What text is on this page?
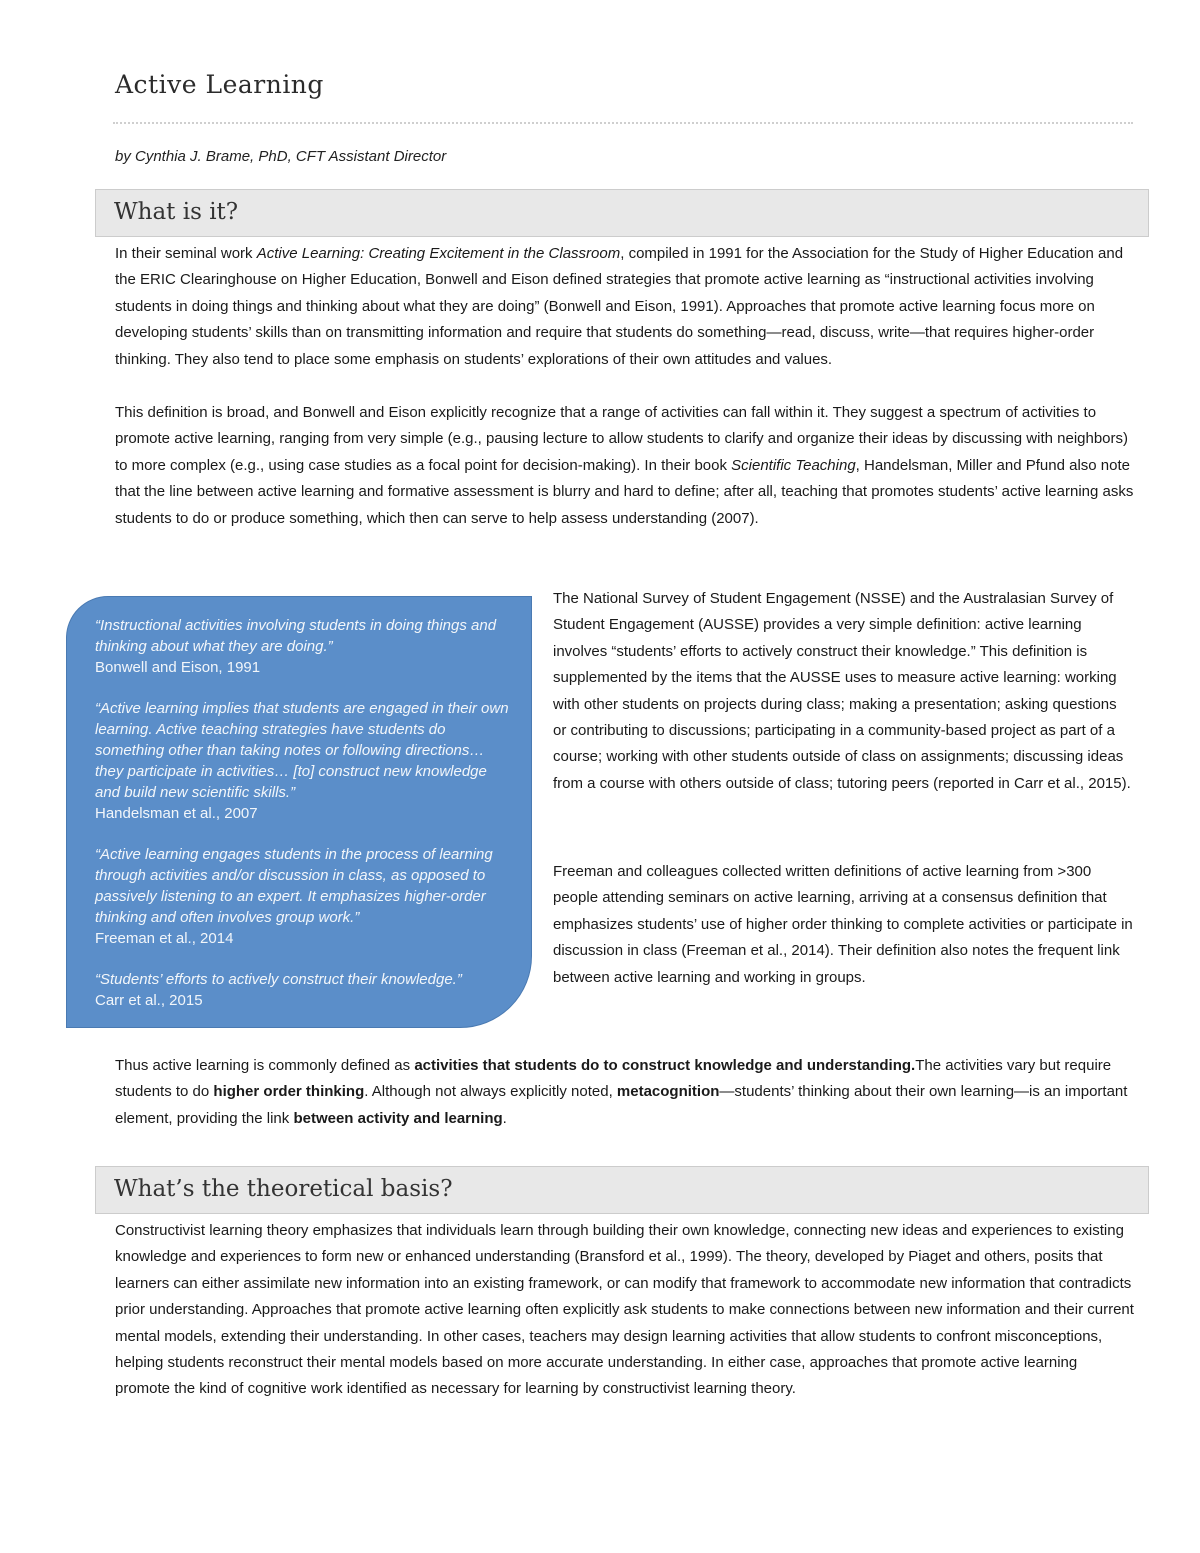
Active Learning

by Cynthia J. Brame, PhD, CFT Assistant Director

What is it?

In their seminal work Active Learning: Creating Excitement in the Classroom, compiled in 1991 for the Association for the Study of Higher Education and the ERIC Clearinghouse on Higher Education, Bonwell and Eison defined strategies that promote active learning as “instructional activities involving students in doing things and thinking about what they are doing” (Bonwell and Eison, 1991). Approaches that promote active learning focus more on developing students’ skills than on transmitting information and require that students do something—read, discuss, write—that requires higher-order thinking. They also tend to place some emphasis on students’ explorations of their own attitudes and values.

This definition is broad, and Bonwell and Eison explicitly recognize that a range of activities can fall within it. They suggest a spectrum of activities to promote active learning, ranging from very simple (e.g., pausing lecture to allow students to clarify and organize their ideas by discussing with neighbors) to more complex (e.g., using case studies as a focal point for decision-making). In their book Scientific Teaching, Handelsman, Miller and Pfund also note that the line between active learning and formative assessment is blurry and hard to define; after all, teaching that promotes students’ active learning asks students to do or produce something, which then can serve to help assess understanding (2007).

“Instructional activities involving students in doing things and thinking about what they are doing.”
Bonwell and Eison, 1991

“Active learning implies that students are engaged in their own learning. Active teaching strategies have students do something other than taking notes or following directions… they participate in activities… [to] construct new knowledge and build new scientific skills.”
Handelsman et al., 2007

“Active learning engages students in the process of learning through activities and/or discussion in class, as opposed to passively listening to an expert. It emphasizes higher-order thinking and often involves group work.”
Freeman et al., 2014

“Students’ efforts to actively construct their knowledge.”
Carr et al., 2015

The National Survey of Student Engagement (NSSE) and the Australasian Survey of Student Engagement (AUSSE) provides a very simple definition: active learning involves “students’ efforts to actively construct their knowledge.” This definition is supplemented by the items that the AUSSE uses to measure active learning: working with other students on projects during class; making a presentation; asking questions or contributing to discussions; participating in a community-based project as part of a course; working with other students outside of class on assignments; discussing ideas from a course with others outside of class; tutoring peers (reported in Carr et al., 2015).

Freeman and colleagues collected written definitions of active learning from >300 people attending seminars on active learning, arriving at a consensus definition that emphasizes students’ use of higher order thinking to complete activities or participate in discussion in class (Freeman et al., 2014). Their definition also notes the frequent link between active learning and working in groups.

Thus active learning is commonly defined as activities that students do to construct knowledge and understanding.The activities vary but require students to do higher order thinking. Although not always explicitly noted, metacognition—students’ thinking about their own learning—is an important element, providing the link between activity and learning.

What’s the theoretical basis?

Constructivist learning theory emphasizes that individuals learn through building their own knowledge, connecting new ideas and experiences to existing knowledge and experiences to form new or enhanced understanding (Bransford et al., 1999). The theory, developed by Piaget and others, posits that learners can either assimilate new information into an existing framework, or can modify that framework to accommodate new information that contradicts prior understanding. Approaches that promote active learning often explicitly ask students to make connections between new information and their current mental models, extending their understanding. In other cases, teachers may design learning activities that allow students to confront misconceptions, helping students reconstruct their mental models based on more accurate understanding. In either case, approaches that promote active learning promote the kind of cognitive work identified as necessary for learning by constructivist learning theory.
